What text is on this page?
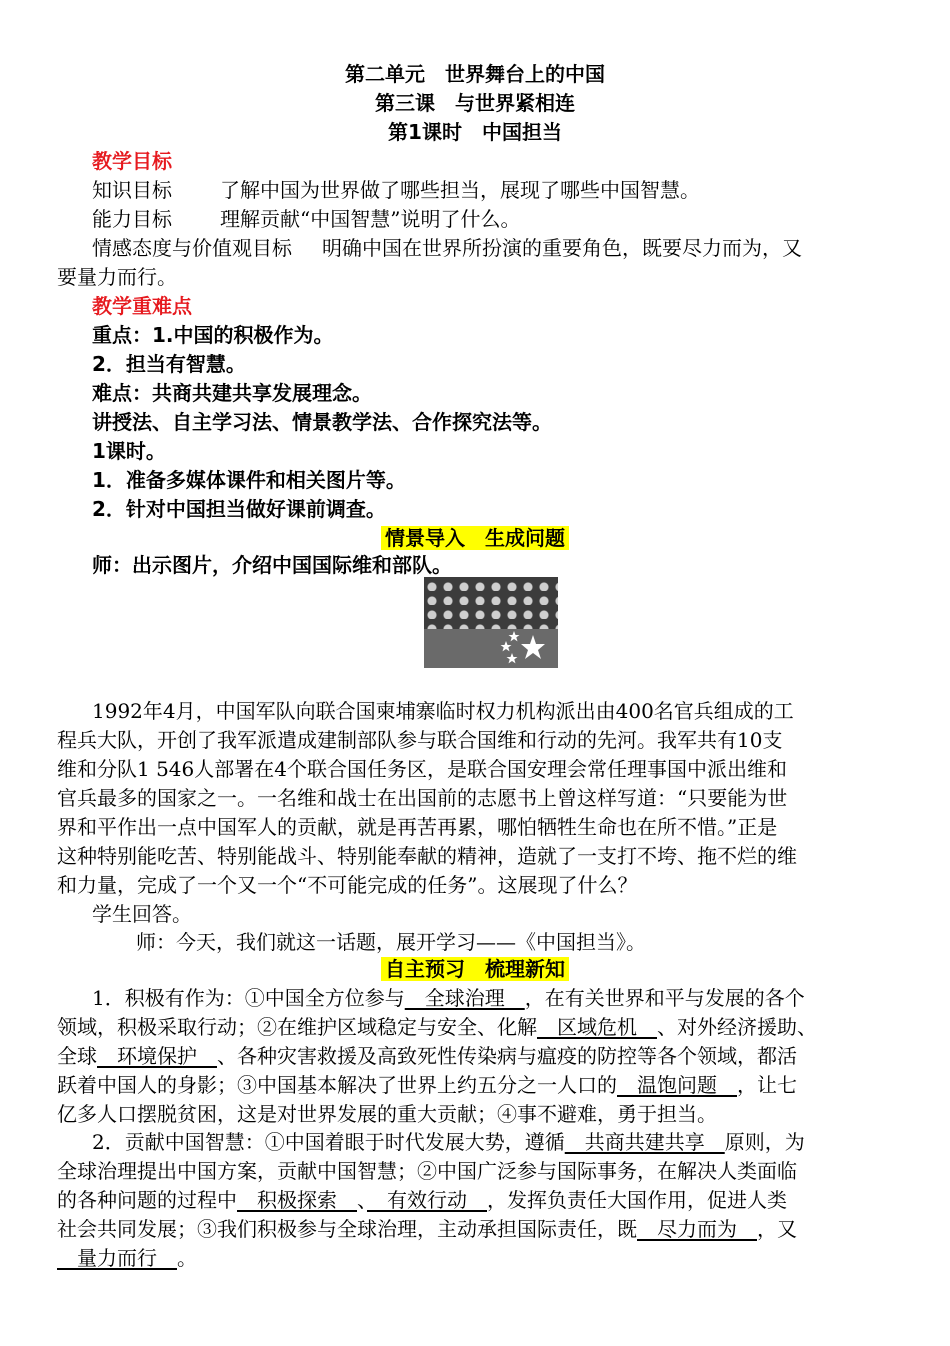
第二单元　世界舞台上的中国
第三课　与世界紧相连
第1课时　中国担当
教学目标
知识目标 了解中国为世界做了哪些担当，展现了哪些中国智慧。
能力目标 理解贡献“中国智慧”说明了什么。
情感态度与价值观目标 明确中国在世界所扮演的重要角色，既要尽力而为，又
要量力而行。
教学重难点
重点：1.中国的积极作为。
2．担当有智慧。
难点：共商共建共享发展理念。
讲授法、自主学习法、情景教学法、合作探究法等。
1课时。
1．准备多媒体课件和相关图片等。
2．针对中国担当做好课前调查。
情景导入　生成问题
师：出示图片，介绍中国国际维和部队。
1992年4月，中国军队向联合国柬埔寨临时权力机构派出由400名官兵组成的工
程兵大队，开创了我军派遣成建制部队参与联合国维和行动的先河。我军共有10支
维和分队1 546人部署在4个联合国任务区，是联合国安理会常任理事国中派出维和
官兵最多的国家之一。一名维和战士在出国前的志愿书上曾这样写道：“只要能为世
界和平作出一点中国军人的贡献，就是再苦再累，哪怕牺牲生命也在所不惜。”正是
这种特别能吃苦、特别能战斗、特别能奉献的精神，造就了一支打不垮、拖不烂的维
和力量，完成了一个又一个“不可能完成的任务”。这展现了什么？
学生回答。
师：今天，我们就这一话题，展开学习——《中国担当》。
自主预习　梳理新知
1．积极有作为：①中国全方位参与　全球治理　，在有关世界和平与发展的各个
领域，积极采取行动；②在维护区域稳定与安全、化解　区域危机　、对外经济援助、
全球　环境保护　、各种灾害救援及高致死性传染病与瘟疫的防控等各个领域，都活
跃着中国人的身影；③中国基本解决了世界上约五分之一人口的　温饱问题　，让七
亿多人口摆脱贫困，这是对世界发展的重大贡献；④事不避难，勇于担当。
2．贡献中国智慧：①中国着眼于时代发展大势，遵循　共商共建共享　原则，为
全球治理提出中国方案，贡献中国智慧；②中国广泛参与国际事务，在解决人类面临
的各种问题的过程中　积极探索　、　有效行动　，发挥负责任大国作用，促进人类
社会共同发展；③我们积极参与全球治理，主动承担国际责任，既　尽力而为　，又
　量力而行　。
